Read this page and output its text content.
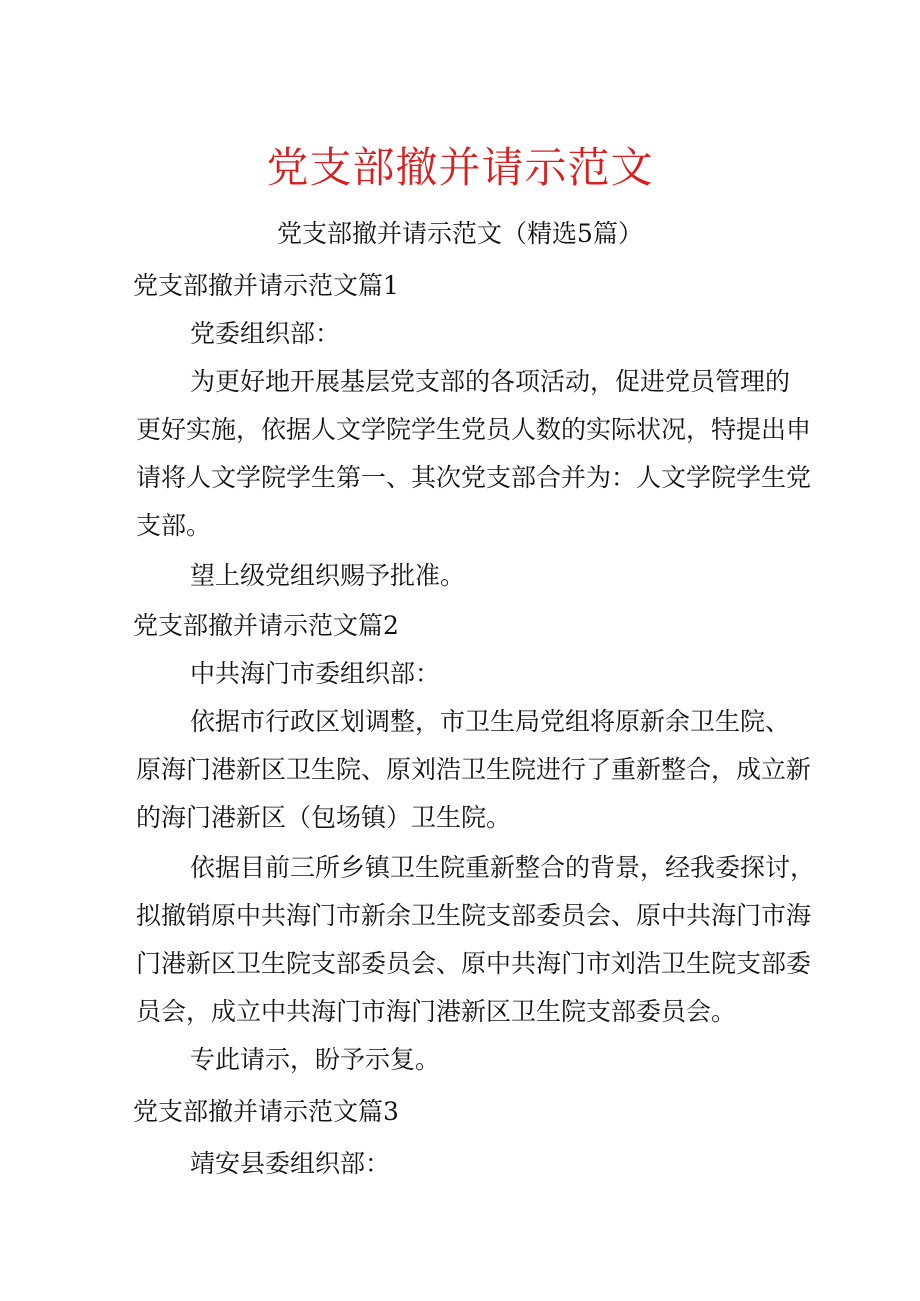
党支部撤并请示范文
党支部撤并请示范文（精选5篇）
党支部撤并请示范文篇1
党委组织部：
为更好地开展基层党支部的各项活动，促进党员管理的
更好实施，依据人文学院学生党员人数的实际状况，特提出申
请将人文学院学生第一、其次党支部合并为：人文学院学生党
支部。
望上级党组织赐予批准。
党支部撤并请示范文篇2
中共海门市委组织部：
依据市行政区划调整，市卫生局党组将原新余卫生院、
原海门港新区卫生院、原刘浩卫生院进行了重新整合，成立新
的海门港新区（包场镇）卫生院。
依据目前三所乡镇卫生院重新整合的背景，经我委探讨，
拟撤销原中共海门市新余卫生院支部委员会、原中共海门市海
门港新区卫生院支部委员会、原中共海门市刘浩卫生院支部委
员会，成立中共海门市海门港新区卫生院支部委员会。
专此请示，盼予示复。
党支部撤并请示范文篇3
靖安县委组织部：
